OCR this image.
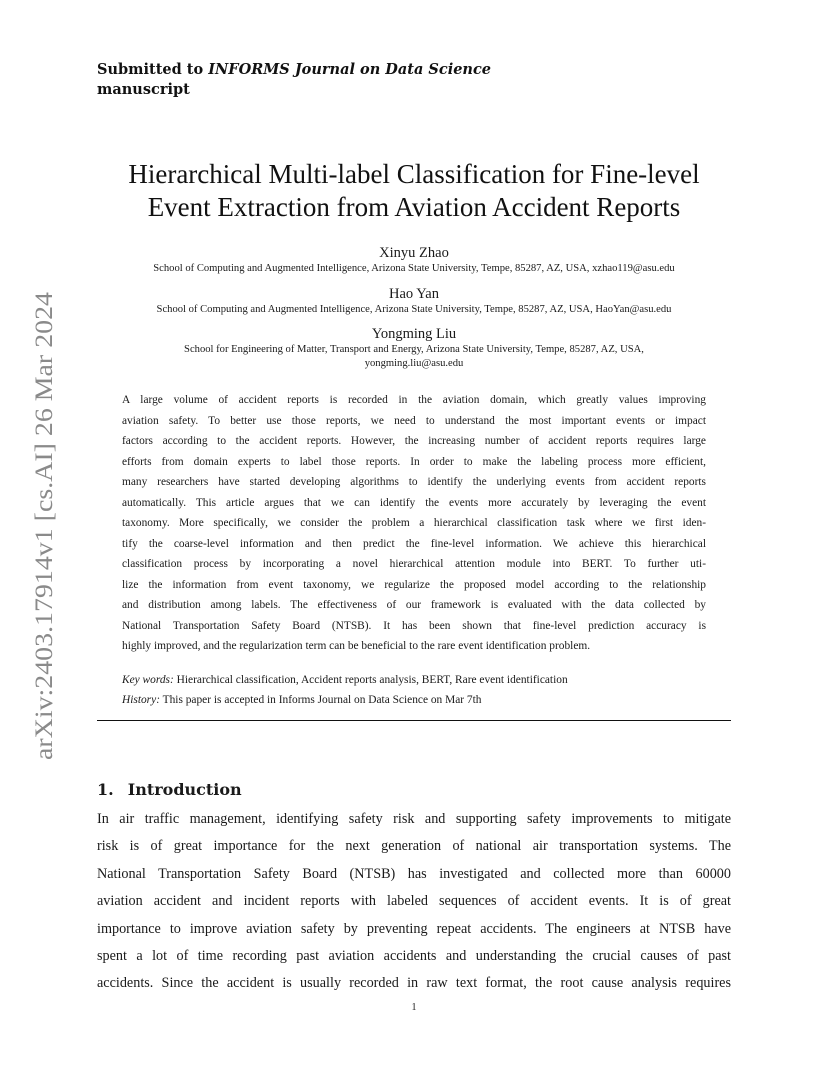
arXiv:2403.17914v1 [cs.AI] 26 Mar 2024
Submitted to INFORMS Journal on Data Science
manuscript
Hierarchical Multi-label Classification for Fine-level
Event Extraction from Aviation Accident Reports
Xinyu Zhao
School of Computing and Augmented Intelligence, Arizona State University, Tempe, 85287, AZ, USA, xzhao119@asu.edu
Hao Yan
School of Computing and Augmented Intelligence, Arizona State University, Tempe, 85287, AZ, USA, HaoYan@asu.edu
Yongming Liu
School for Engineering of Matter, Transport and Energy, Arizona State University, Tempe, 85287, AZ, USA,
yongming.liu@asu.edu
A large volume of accident reports is recorded in the aviation domain, which greatly values improving
aviation safety. To better use those reports, we need to understand the most important events or impact
factors according to the accident reports. However, the increasing number of accident reports requires large
efforts from domain experts to label those reports. In order to make the labeling process more efficient,
many researchers have started developing algorithms to identify the underlying events from accident reports
automatically. This article argues that we can identify the events more accurately by leveraging the event
taxonomy. More specifically, we consider the problem a hierarchical classification task where we first iden-
tify the coarse-level information and then predict the fine-level information. We achieve this hierarchical
classification process by incorporating a novel hierarchical attention module into BERT. To further uti-
lize the information from event taxonomy, we regularize the proposed model according to the relationship
and distribution among labels. The effectiveness of our framework is evaluated with the data collected by
National Transportation Safety Board (NTSB). It has been shown that fine-level prediction accuracy is
highly improved, and the regularization term can be beneficial to the rare event identification problem.
Key words: Hierarchical classification, Accident reports analysis, BERT, Rare event identification
History: This paper is accepted in Informs Journal on Data Science on Mar 7th
1. Introduction
In air traffic management, identifying safety risk and supporting safety improvements to mitigate
risk is of great importance for the next generation of national air transportation systems. The
National Transportation Safety Board (NTSB) has investigated and collected more than 60000
aviation accident and incident reports with labeled sequences of accident events. It is of great
importance to improve aviation safety by preventing repeat accidents. The engineers at NTSB have
spent a lot of time recording past aviation accidents and understanding the crucial causes of past
accidents. Since the accident is usually recorded in raw text format, the root cause analysis requires
1
